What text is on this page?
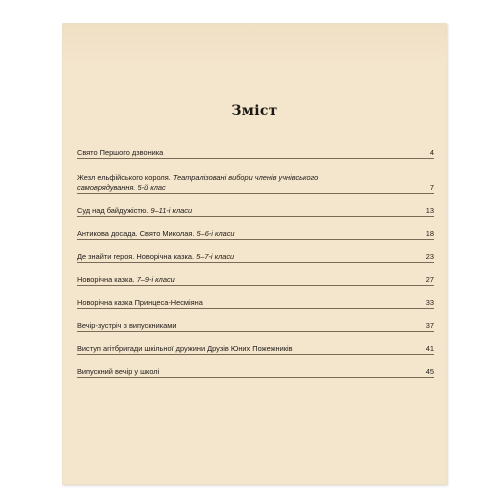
Зміст
Свято Першого дзвоника	4
Жезл ельфійського короля. Театралізовані вибори членів учнівського
самоврядування. 5-й клас	7
Суд над байдужістю. 9–11-і класи	13
Антикова досада. Свято Миколая. 5–6-і класи	18
Де знайти героя. Новорічна казка. 5–7-і класи	23
Новорічна казка. 7–9-і класи	27
Новорічна казка Принцеса-Несміяна	33
Вечір-зустріч з випускниками	37
Виступ агітбригади шкільної дружини Друзів Юних Пожежників	41
Випускний вечір у школі	45
